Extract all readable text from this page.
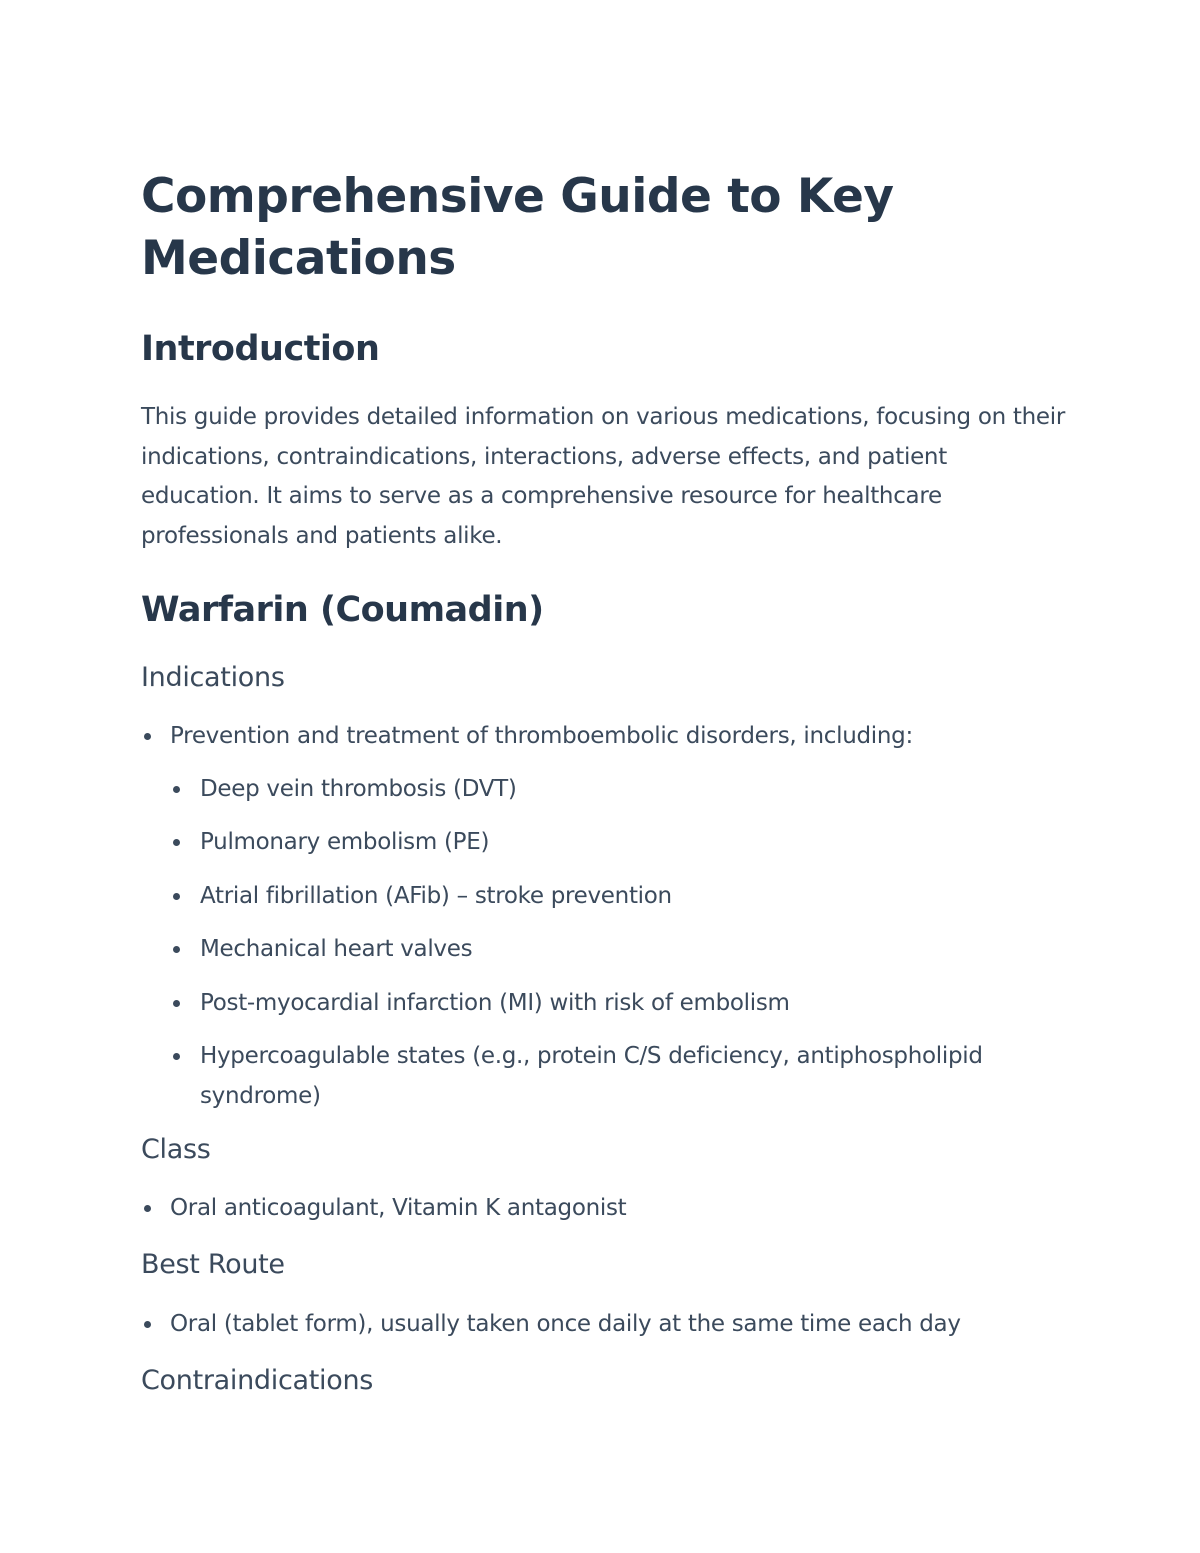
Comprehensive Guide to Key Medications
Introduction

This guide provides detailed information on various medications, focusing on their indications, contraindications, interactions, adverse effects, and patient education. It aims to serve as a comprehensive resource for healthcare professionals and patients alike.

Warfarin (Coumadin)
Indications
Prevention and treatment of thromboembolic disorders, including:
Deep vein thrombosis (DVT)
Pulmonary embolism (PE)
Atrial fibrillation (AFib) – stroke prevention
Mechanical heart valves
Post-myocardial infarction (MI) with risk of embolism
Hypercoagulable states (e.g., protein C/S deficiency, antiphospholipid syndrome)
Class
Oral anticoagulant, Vitamin K antagonist
Best Route
Oral (tablet form), usually taken once daily at the same time each day
Contraindications
